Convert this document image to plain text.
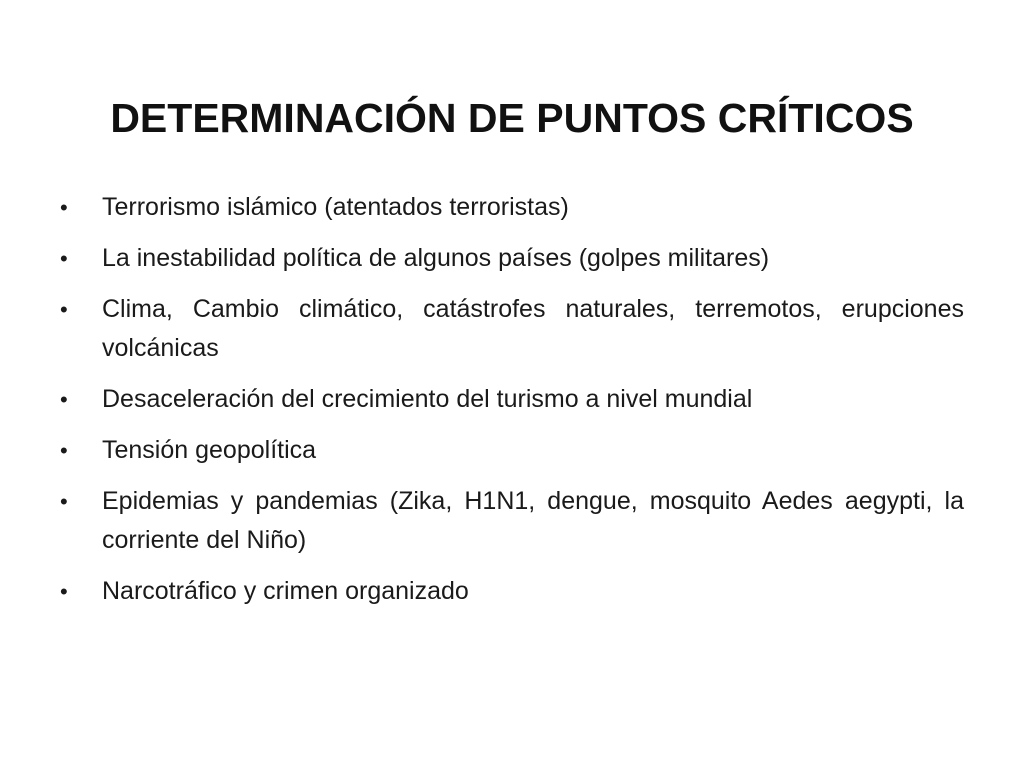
DETERMINACIÓN DE PUNTOS CRÍTICOS
•	Terrorismo islámico (atentados terroristas)
•	La inestabilidad política de algunos países (golpes militares)
•	Clima, Cambio climático, catástrofes naturales, terremotos, erupciones volcánicas
•	Desaceleración del crecimiento del turismo a nivel mundial
•	Tensión geopolítica
•	Epidemias y pandemias (Zika, H1N1, dengue, mosquito Aedes aegypti, la corriente del Niño)
•	Narcotráfico y crimen organizado
